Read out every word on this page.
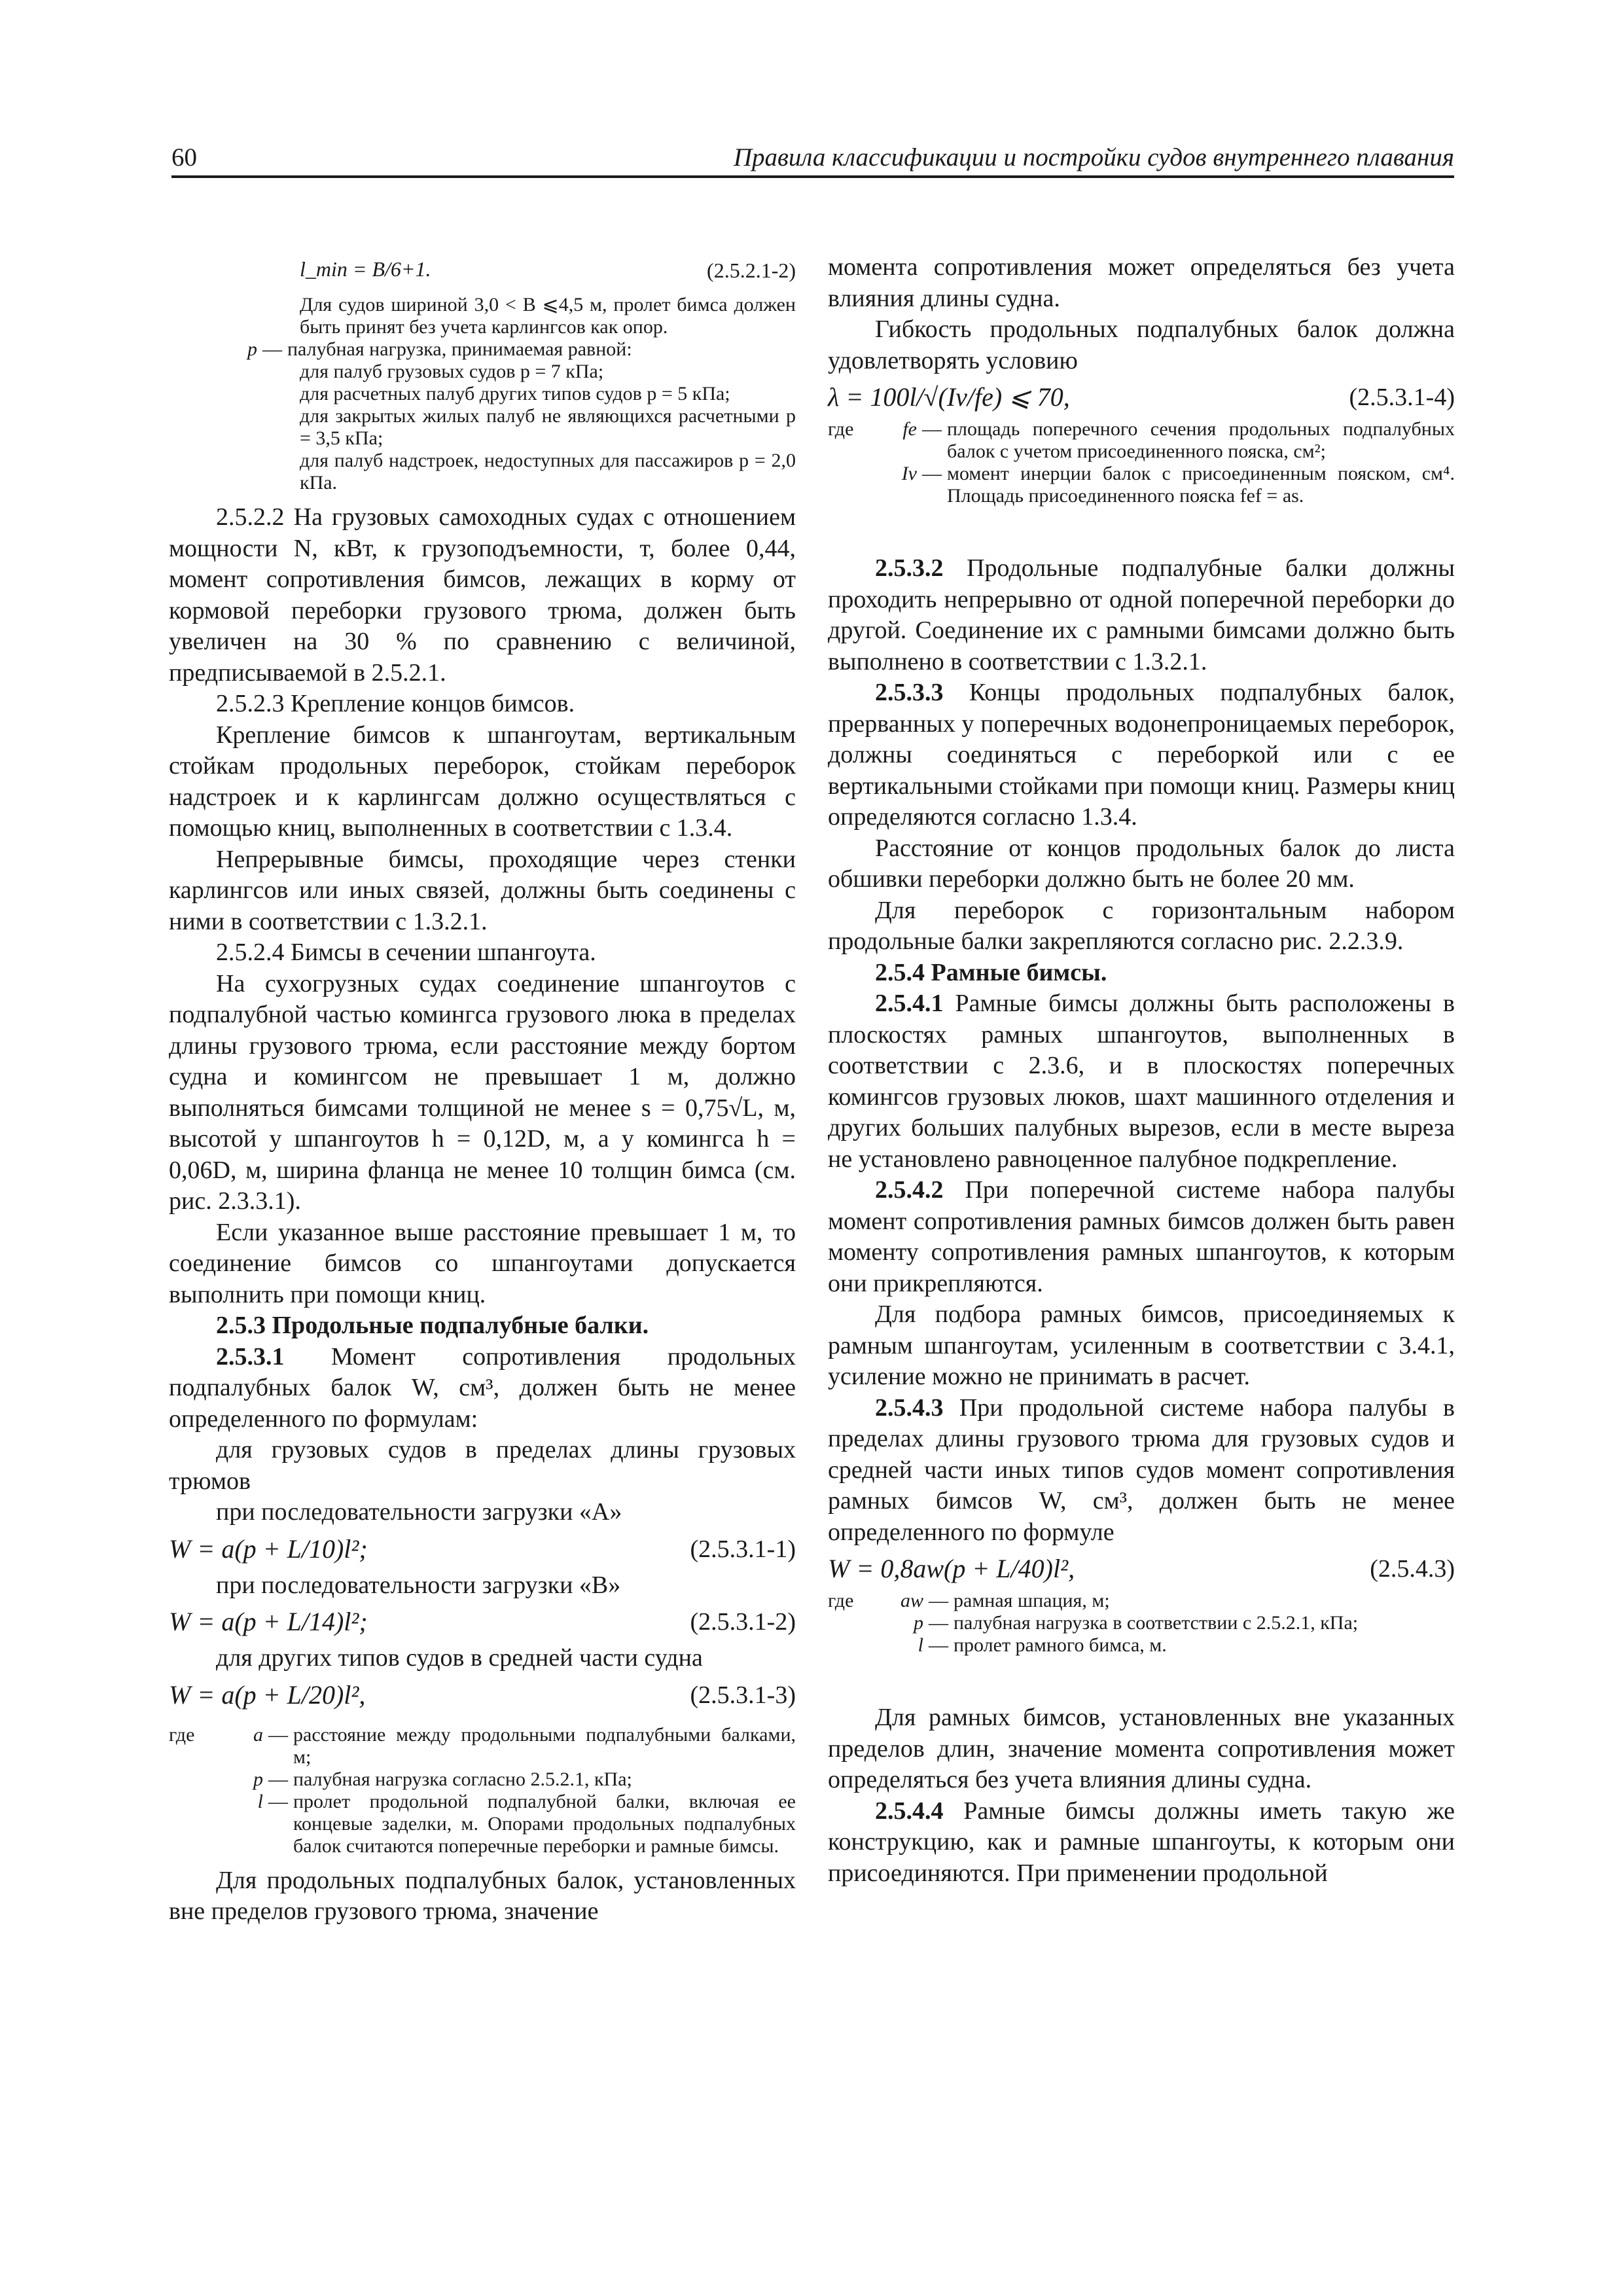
60	Правила классификации и постройки судов внутреннего плавания
l_min = B/6+1.	(2.5.2.1-2)
Для судов шириной 3,0 < B ⩽4,5 м, пролет бимса должен быть принят без учета карлингсов как опор.
p — палубная нагрузка, принимаемая равной:
для палуб грузовых судов p = 7 кПа;
для расчетных палуб других типов судов p = 5 кПа;
для закрытых жилых палуб не являющихся расчетными p = 3,5 кПа;
для палуб надстроек, недоступных для пассажиров p = 2,0 кПа.

2.5.2.2 На грузовых самоходных судах с отношением мощности N, кВт, к грузоподъемности, т, более 0,44, момент сопротивления бимсов, лежащих в корму от кормовой переборки грузового трюма, должен быть увеличен на 30 % по сравнению с величиной, предписываемой в 2.5.2.1.

2.5.2.3 Крепление концов бимсов.

Крепление бимсов к шпангоутам, вертикальным стойкам продольных переборок, стойкам переборок надстроек и к карлингсам должно осуществляться с помощью книц, выполненных в соответствии с 1.3.4.

Непрерывные бимсы, проходящие через стенки карлингсов или иных связей, должны быть соединены с ними в соответствии с 1.3.2.1.

2.5.2.4 Бимсы в сечении шпангоута.

На сухогрузных судах соединение шпангоутов с подпалубной частью комингса грузового люка в пределах длины грузового трюма, если расстояние между бортом судна и комингсом не превышает 1 м, должно выполняться бимсами толщиной не менее s = 0,75√L, м, высотой у шпангоутов h = 0,12D, м, а у комингса h = 0,06D, м, ширина фланца не менее 10 толщин бимса (см. рис. 2.3.3.1).

Если указанное выше расстояние превышает 1 м, то соединение бимсов со шпангоутами допускается выполнить при помощи книц.

2.5.3 Продольные подпалубные балки.

2.5.3.1 Момент сопротивления продольных подпалубных балок W, см³, должен быть не менее определенного по формулам:

для грузовых судов в пределах длины грузовых трюмов

при последовательности загрузки «А»

W = a(p + L/10)l²;	(2.5.3.1-1)

при последовательности загрузки «В»

W = a(p + L/14)l²;	(2.5.3.1-2)

для других типов судов в средней части судна

W = a(p + L/20)l²,	(2.5.3.1-3)
где	a — расстояние между продольными подпалубными балками, м;
p — палубная нагрузка согласно 2.5.2.1, кПа;
l — пролет продольной подпалубной балки, включая ее концевые заделки, м. Опорами продольных подпалубных балок считаются поперечные переборки и рамные бимсы.

Для продольных подпалубных балок, установленных вне пределов грузового трюма, значение

момента сопротивления может определяться без учета влияния длины судна.

Гибкость продольных подпалубных балок должна удовлетворять условию

λ = 100l/√(Iv/fe) ⩽ 70,	(2.5.3.1-4)
где	fe — площадь поперечного сечения продольных подпалубных балок с учетом присоединенного пояска, см²;
Iv — момент инерции балок с присоединенным пояском, см⁴. Площадь присоединенного пояска fef = as.

2.5.3.2 Продольные подпалубные балки должны проходить непрерывно от одной поперечной переборки до другой. Соединение их с рамными бимсами должно быть выполнено в соответствии с 1.3.2.1.

2.5.3.3 Концы продольных подпалубных балок, прерванных у поперечных водонепроницаемых переборок, должны соединяться с переборкой или с ее вертикальными стойками при помощи книц. Размеры книц определяются согласно 1.3.4.

Расстояние от концов продольных балок до листа обшивки переборки должно быть не более 20 мм.

Для переборок с горизонтальным набором продольные балки закрепляются согласно рис. 2.2.3.9.

2.5.4 Рамные бимсы.

2.5.4.1 Рамные бимсы должны быть расположены в плоскостях рамных шпангоутов, выполненных в соответствии с 2.3.6, и в плоскостях поперечных комингсов грузовых люков, шахт машинного отделения и других больших палубных вырезов, если в месте выреза не установлено равноценное палубное подкрепление.

2.5.4.2 При поперечной системе набора палубы момент сопротивления рамных бимсов должен быть равен моменту сопротивления рамных шпангоутов, к которым они прикрепляются.

Для подбора рамных бимсов, присоединяемых к рамным шпангоутам, усиленным в соответствии с 3.4.1, усиление можно не принимать в расчет.

2.5.4.3 При продольной системе набора палубы в пределах длины грузового трюма для грузовых судов и средней части иных типов судов момент сопротивления рамных бимсов W, см³, должен быть не менее определенного по формуле

W = 0,8aw(p + L/40)l²,	(2.5.4.3)
где aw — рамная шпация, м;
p — палубная нагрузка в соответствии с 2.5.2.1, кПа;
l — пролет рамного бимса, м.

Для рамных бимсов, установленных вне указанных пределов длин, значение момента сопротивления может определяться без учета влияния длины судна.

2.5.4.4 Рамные бимсы должны иметь такую же конструкцию, как и рамные шпангоуты, к которым они присоединяются. При применении продольной
